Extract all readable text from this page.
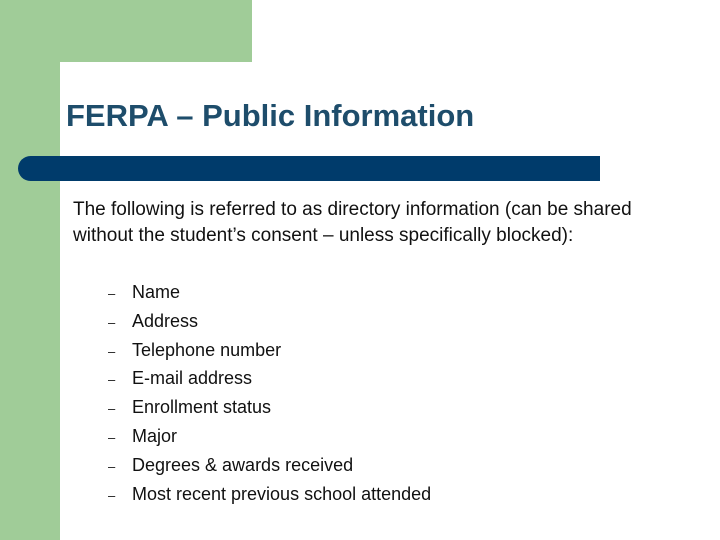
FERPA – Public Information

The following is referred to as directory information (can be shared without the student’s consent – unless specifically blocked):

– Name
– Address
– Telephone number
– E-mail address
– Enrollment status
– Major
– Degrees & awards received
– Most recent previous school attended
